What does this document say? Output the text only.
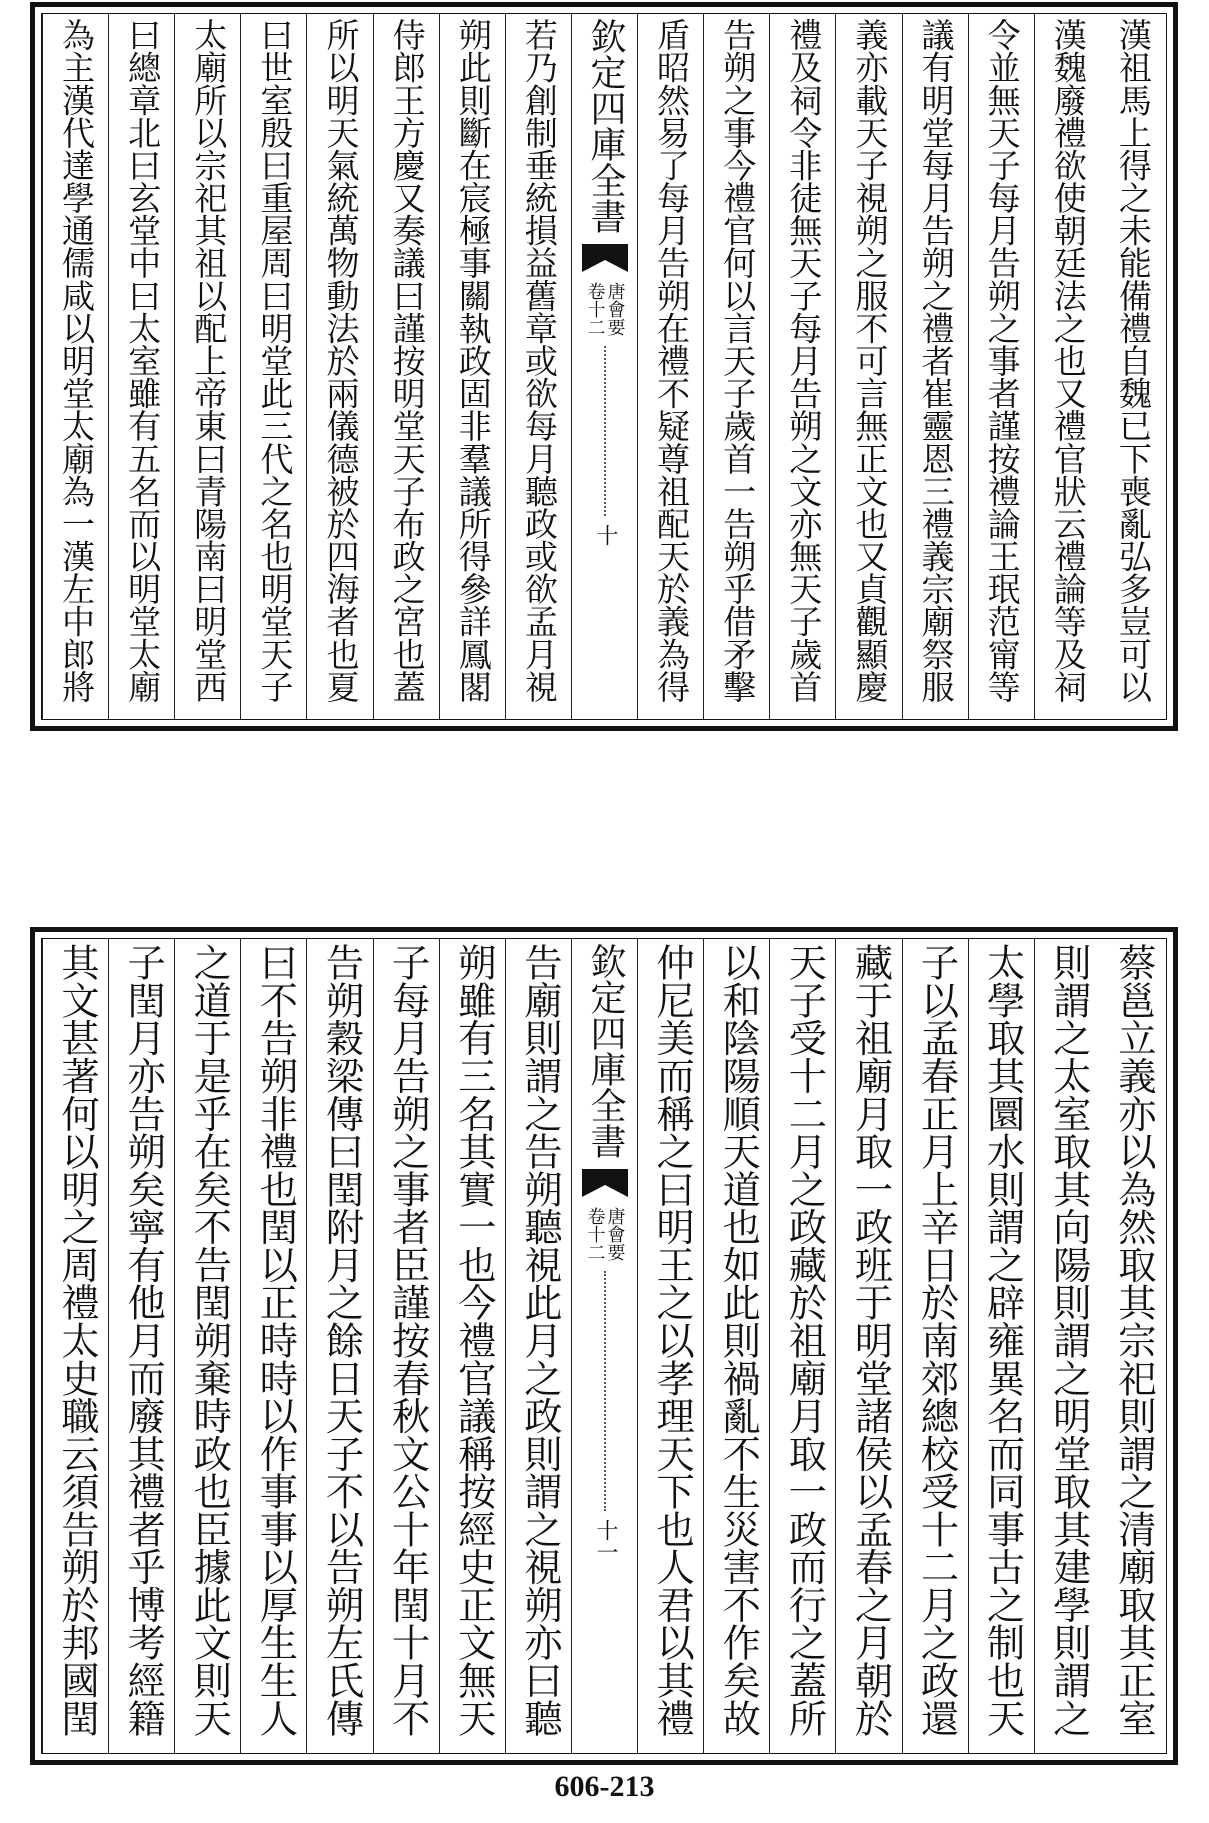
漢祖馬上得之未能備禮自魏已下喪亂弘多豈可以
漢魏廢禮欲使朝廷法之也又禮官狀云禮論等及祠
令並無天子每月告朔之事者謹按禮論王珉范甯等
議有明堂每月告朔之禮者崔靈恩三禮義宗廟祭服
義亦載天子視朔之服不可言無正文也又貞觀顯慶
禮及祠令非徒無天子每月告朔之文亦無天子歲首
告朔之事今禮官何以言天子歲首一告朔乎借矛擊
盾昭然易了每月告朔在禮不疑尊祖配天於義為得
欽定四庫全書
唐會要
卷十二
十
若乃創制垂統損益舊章或欲每月聽政或欲孟月視
朔此則斷在宸極事關執政固非羣議所得參詳鳳閣
侍郎王方慶又奏議曰謹按明堂天子布政之宮也蓋
所以明天氣統萬物動法於兩儀德被於四海者也夏
曰世室殷曰重屋周曰明堂此三代之名也明堂天子
太廟所以宗祀其祖以配上帝東曰青陽南曰明堂西
曰總章北曰玄堂中曰太室雖有五名而以明堂太廟
為主漢代達學通儒咸以明堂太廟為一漢左中郎將
蔡邕立義亦以為然取其宗祀則謂之清廟取其正室
則謂之太室取其向陽則謂之明堂取其建學則謂之
太學取其圜水則謂之辟雍異名而同事古之制也天
子以孟春正月上辛日於南郊總校受十二月之政還
藏于祖廟月取一政班于明堂諸侯以孟春之月朝於
天子受十二月之政藏於祖廟月取一政而行之蓋所
以和陰陽順天道也如此則禍亂不生災害不作矣故
仲尼美而稱之曰明王之以孝理天下也人君以其禮
欽定四庫全書
唐會要
卷十二
十一
告廟則謂之告朔聽視此月之政則謂之視朔亦曰聽
朔雖有三名其實一也今禮官議稱按經史正文無天
子每月告朔之事者臣謹按春秋文公十年閏十月不
告朔穀梁傳曰閏附月之餘日天子不以告朔左氏傳
曰不告朔非禮也閏以正時時以作事事以厚生生人
之道于是乎在矣不告閏朔棄時政也臣據此文則天
子閏月亦告朔矣寧有他月而廢其禮者乎博考經籍
其文甚著何以明之周禮太史職云須告朔於邦國閏
606-213
